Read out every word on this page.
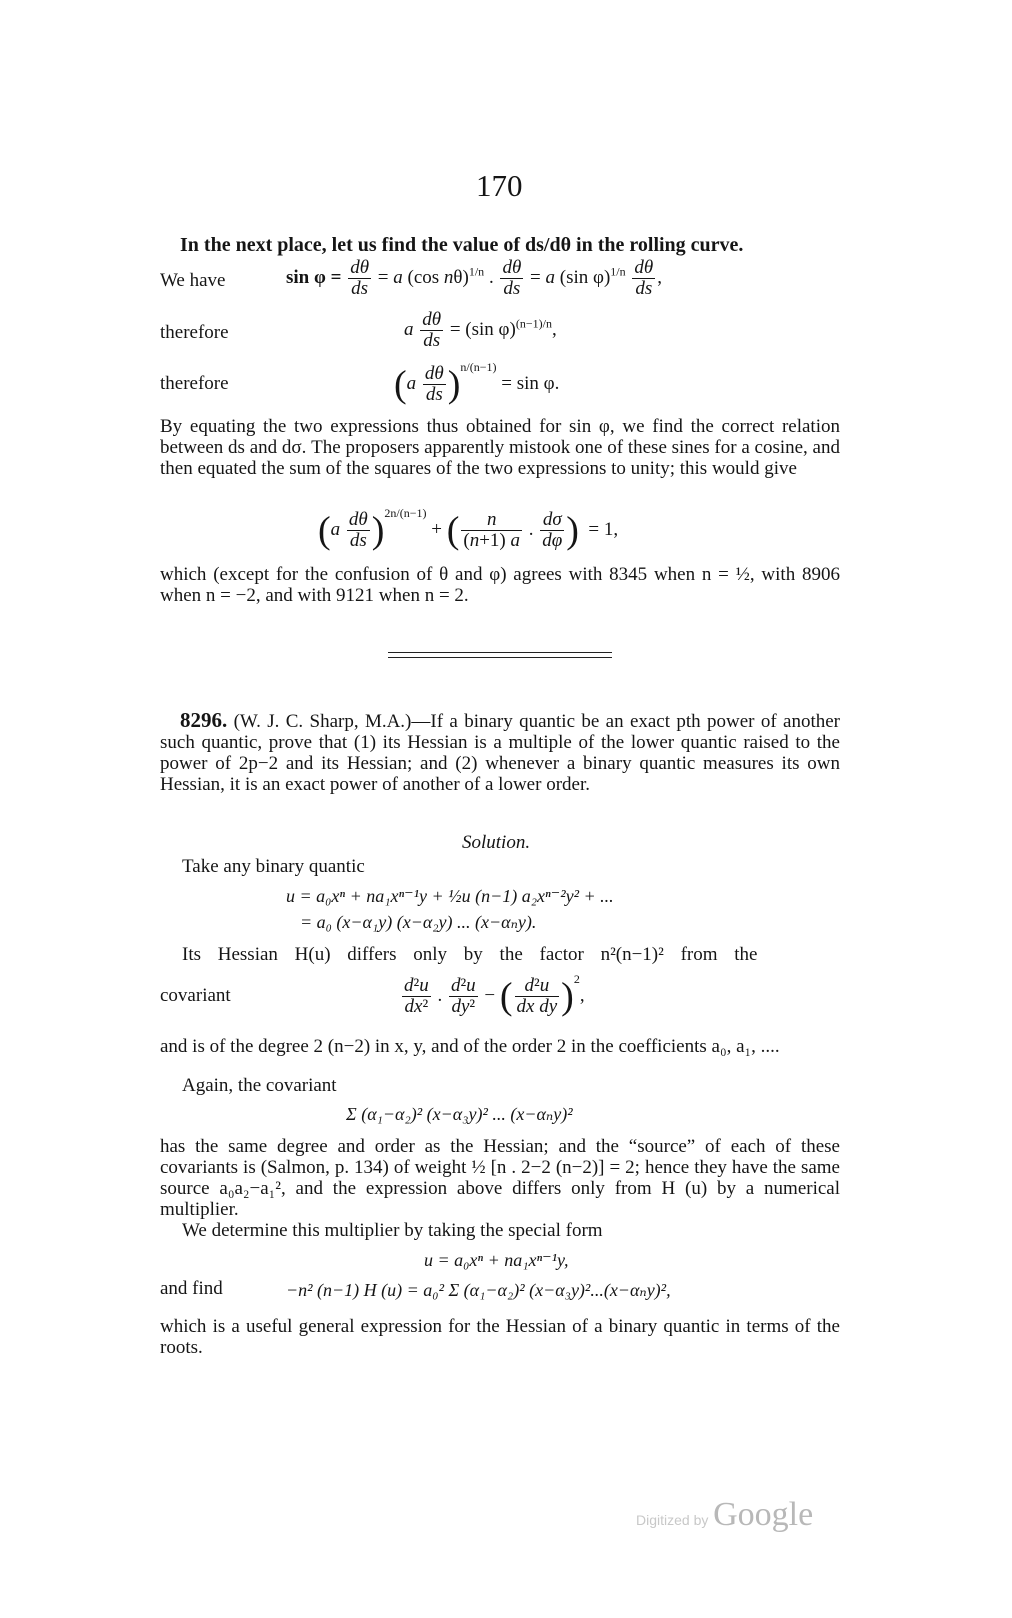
170
In the next place, let us find the value of ds/dθ in the rolling curve.
We have	$\sin \varphi = \frac{d\theta}{ds} = a$ (cos nθ)$^{1/n}$ . $\frac{d\theta}{ds} = a$ (sin $\varphi)^{1/n} \frac{d\theta}{ds}$ ,
therefore	a $\frac{d\theta}{ds} = (\sin$ φ)$^{(n-1)/n}$,
therefore	$(a \frac{d\theta}{ds} )^{n/(n-1)} = \sin \varphi$.
By equating the two expressions thus obtained for sin φ, we find the correct relation between ds and dσ. The proposers apparently mistook one of these sines for a cosine, and then equated the sum of the squares of the two expressions to unity; this would give
$(a \frac{d\theta}{ds} )^{2n/(n-1)}$ + ( $\frac{n}{(n+1) a}$ . $\frac{d\sigma}{d\varphi}$ )  = 1,
which (except for the confusion of θ and φ) agrees with 8345 when n = ½, with 8906 when n = −2, and with 9121 when n = 2.
8296. (W. J. C. Sharp, M.A.)—If a binary quantic be an exact pth power of another such quantic, prove that (1) its Hessian is a multiple of the lower quantic raised to the power of 2p−2 and its Hessian; and (2) whenever a binary quantic measures its own Hessian, it is an exact power of another of a lower order.
Solution.
Take any binary quantic
u = a₀xⁿ + na₁xⁿ⁻¹y + ½u (n−1) a₂xⁿ⁻²y² + ...
= a₀ (x−α₁y) (x−α₂y) ... (x−αₙy).
Its Hessian H(u) differs only by the factor n²(n−1)² from the
covariant	$\frac{\text{d²u}}{\text{dx²}}$ . $\frac{\text{d²u}}{\text{dy²}}$ − ( $\frac{\text{d²u}}{\text{dx dy}} )^2$,
and is of the degree 2 (n−2) in x, y, and of the order 2 in the coefficients a₀, a₁, ....
Again, the covariant
Σ (α₁−α₂)² (x−α₃y)² ... (x−αₙy)²
has the same degree and order as the Hessian; and the “source” of each of these covariants is (Salmon, p. 134) of weight ½ [n . 2−2 (n−2)] = 2; hence they have the same source a₀a₂−a₁², and the expression above differs only from H (u) by a numerical multiplier.
We determine this multiplier by taking the special form
u = a₀xⁿ + na₁xⁿ⁻¹y,
and find	−n² (n−1) H (u) = a₀² Σ (α₁−α₂)² (x−α₃y)²...(x−αₙy)²,
which is a useful general expression for the Hessian of a binary quantic in terms of the roots.
Digitized by Google
